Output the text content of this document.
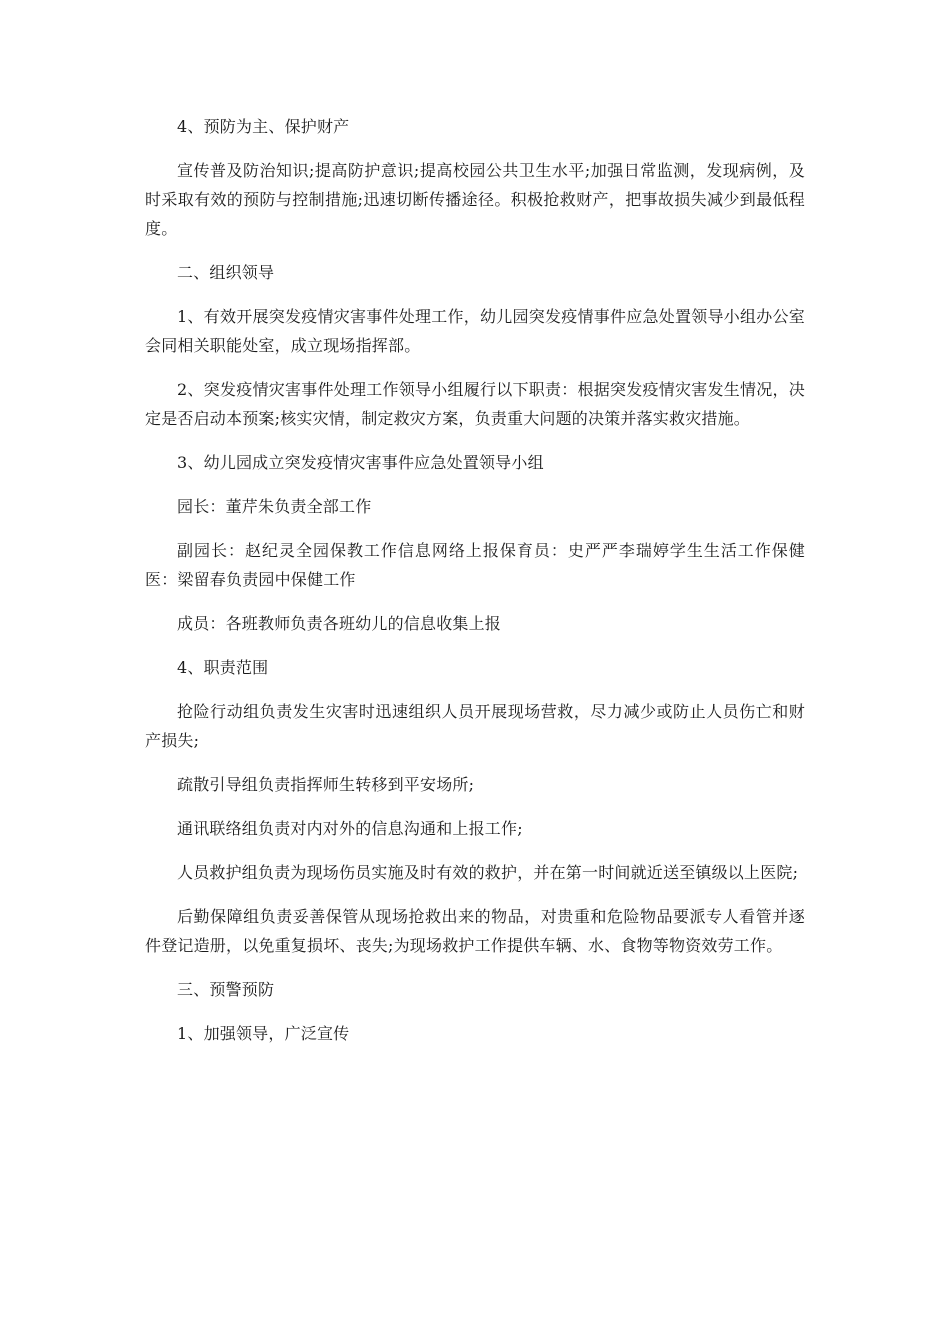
4、预防为主、保护财产

宣传普及防治知识;提高防护意识;提高校园公共卫生水平;加强日常监测，发现病例，及时采取有效的预防与控制措施;迅速切断传播途径。积极抢救财产，把事故损失减少到最低程度。

二、组织领导

1、有效开展突发疫情灾害事件处理工作，幼儿园突发疫情事件应急处置领导小组办公室会同相关职能处室，成立现场指挥部。

2、突发疫情灾害事件处理工作领导小组履行以下职责：根据突发疫情灾害发生情况，决定是否启动本预案;核实灾情，制定救灾方案，负责重大问题的决策并落实救灾措施。

3、幼儿园成立突发疫情灾害事件应急处置领导小组

园长：董芹朱负责全部工作

副园长：赵纪灵全园保教工作信息网络上报保育员：史严严李瑞婷学生生活工作保健医：梁留春负责园中保健工作

成员：各班教师负责各班幼儿的信息收集上报

4、职责范围

抢险行动组负责发生灾害时迅速组织人员开展现场营救，尽力减少或防止人员伤亡和财产损失;

疏散引导组负责指挥师生转移到平安场所;

通讯联络组负责对内对外的信息沟通和上报工作;

人员救护组负责为现场伤员实施及时有效的救护，并在第一时间就近送至镇级以上医院;

后勤保障组负责妥善保管从现场抢救出来的物品，对贵重和危险物品要派专人看管并逐件登记造册，以免重复损坏、丧失;为现场救护工作提供车辆、水、食物等物资效劳工作。

三、预警预防

1、加强领导，广泛宣传
